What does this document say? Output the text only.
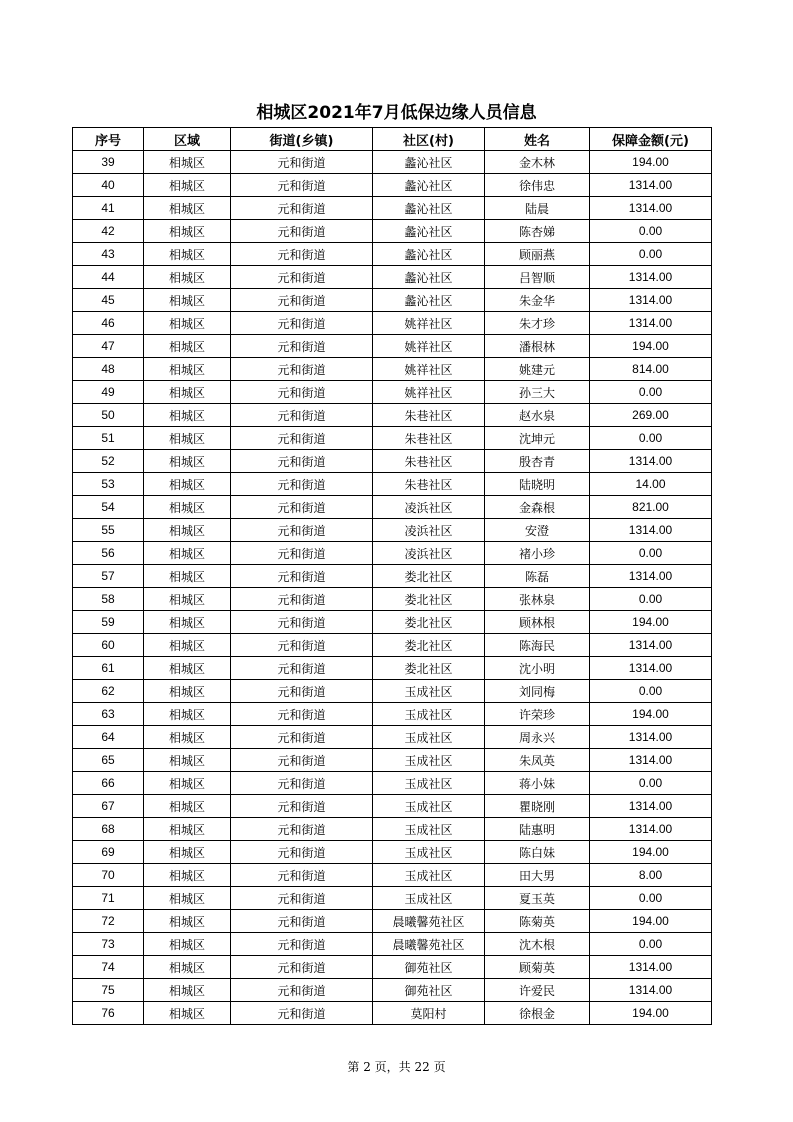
相城区2021年7月低保边缘人员信息
序号	区域	街道(乡镇)	社区(村)	姓名	保障金额(元)
39	相城区	元和街道	蠡沁社区	金木林	194.00
40	相城区	元和街道	蠡沁社区	徐伟忠	1314.00
41	相城区	元和街道	蠡沁社区	陆晨	1314.00
42	相城区	元和街道	蠡沁社区	陈杏娣	0.00
43	相城区	元和街道	蠡沁社区	顾丽燕	0.00
44	相城区	元和街道	蠡沁社区	吕智顺	1314.00
45	相城区	元和街道	蠡沁社区	朱金华	1314.00
46	相城区	元和街道	姚祥社区	朱才珍	1314.00
47	相城区	元和街道	姚祥社区	潘根林	194.00
48	相城区	元和街道	姚祥社区	姚建元	814.00
49	相城区	元和街道	姚祥社区	孙三大	0.00
50	相城区	元和街道	朱巷社区	赵水泉	269.00
51	相城区	元和街道	朱巷社区	沈坤元	0.00
52	相城区	元和街道	朱巷社区	殷杏青	1314.00
53	相城区	元和街道	朱巷社区	陆晓明	14.00
54	相城区	元和街道	凌浜社区	金森根	821.00
55	相城区	元和街道	凌浜社区	安澄	1314.00
56	相城区	元和街道	凌浜社区	褚小珍	0.00
57	相城区	元和街道	娄北社区	陈磊	1314.00
58	相城区	元和街道	娄北社区	张林泉	0.00
59	相城区	元和街道	娄北社区	顾林根	194.00
60	相城区	元和街道	娄北社区	陈海民	1314.00
61	相城区	元和街道	娄北社区	沈小明	1314.00
62	相城区	元和街道	玉成社区	刘同梅	0.00
63	相城区	元和街道	玉成社区	许荣珍	194.00
64	相城区	元和街道	玉成社区	周永兴	1314.00
65	相城区	元和街道	玉成社区	朱凤英	1314.00
66	相城区	元和街道	玉成社区	蒋小妹	0.00
67	相城区	元和街道	玉成社区	瞿晓刚	1314.00
68	相城区	元和街道	玉成社区	陆惠明	1314.00
69	相城区	元和街道	玉成社区	陈白妹	194.00
70	相城区	元和街道	玉成社区	田大男	8.00
71	相城区	元和街道	玉成社区	夏玉英	0.00
72	相城区	元和街道	晨曦馨苑社区	陈菊英	194.00
73	相城区	元和街道	晨曦馨苑社区	沈木根	0.00
74	相城区	元和街道	御苑社区	顾菊英	1314.00
75	相城区	元和街道	御苑社区	许爱民	1314.00
76	相城区	元和街道	莫阳村	徐根金	194.00
第 2 页，共 22 页
